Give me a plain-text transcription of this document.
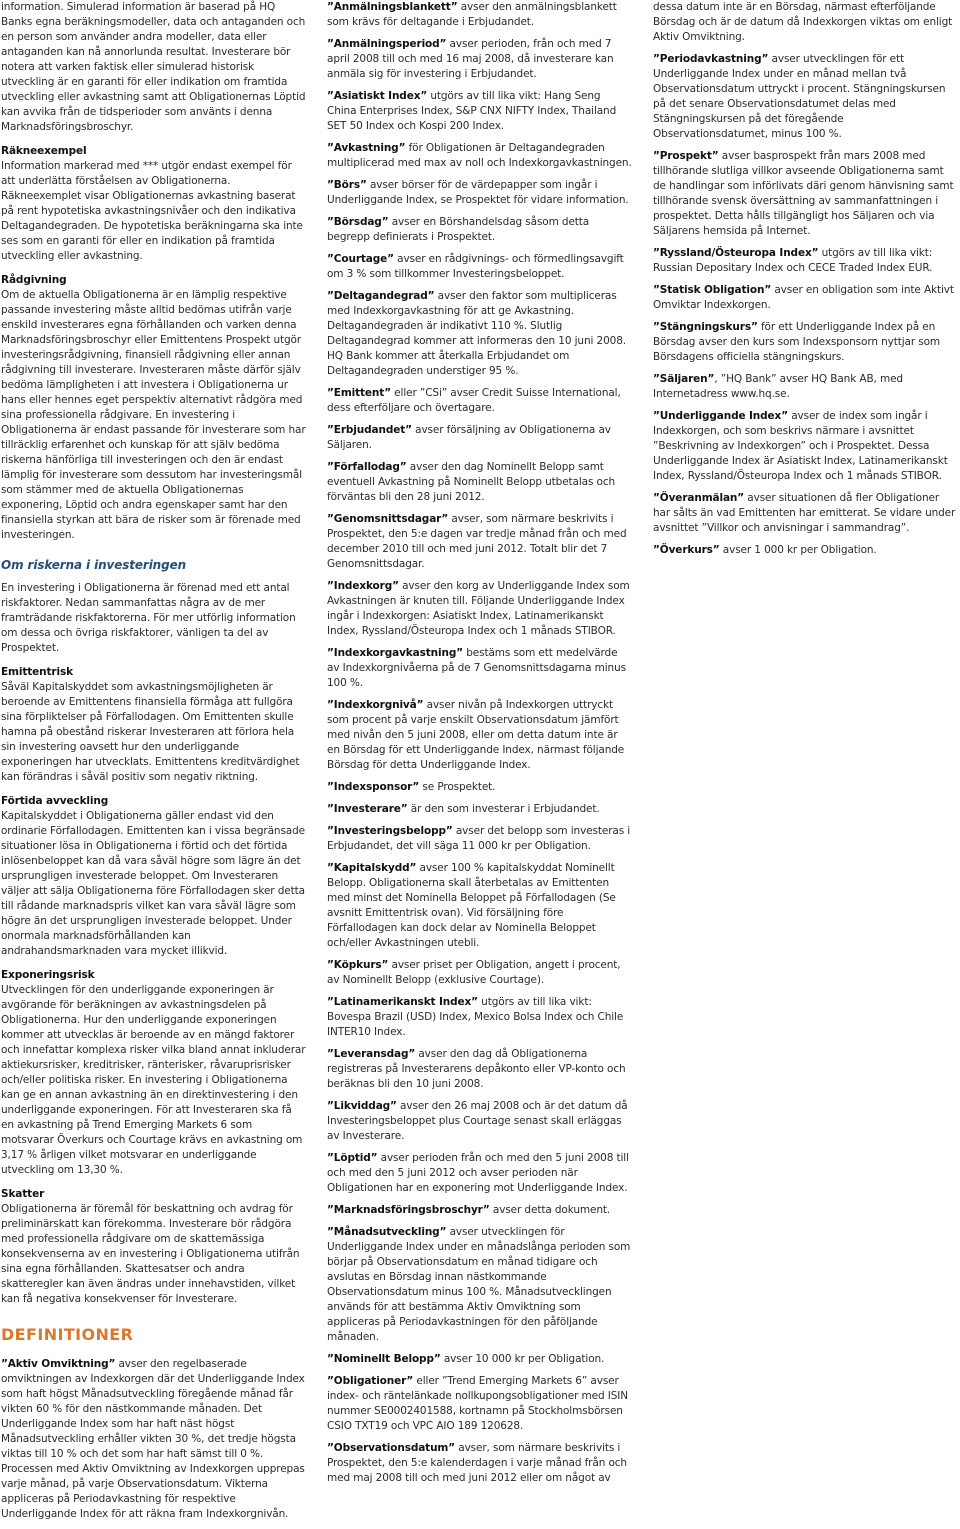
information. Simulerad information är baserad på HQ Banks egna beräkningsmodeller, data och antaganden och en person som använder andra modeller, data eller antaganden kan nå annorlunda resultat. Investerare bör notera att varken faktisk eller simulerad historisk utveckling är en garanti för eller indikation om framtida utveckling eller avkastning samt att Obligationernas Löptid kan avvika från de tidsperioder som använts i denna Marknadsföringsbroschyr.

Räkneexempel

Information markerad med *** utgör endast exempel för att underlätta förståelsen av Obligationerna. Räkneexemplet visar Obligationernas avkastning baserat på rent hypotetiska avkastningsnivåer och den indikativa Deltagandegraden. De hypotetiska beräkningarna ska inte ses som en garanti för eller en indikation på framtida utveckling eller avkastning.

Rådgivning

Om de aktuella Obligationerna är en lämplig respektive passande investering måste alltid bedömas utifrån varje enskild investerares egna förhållanden och varken denna Marknadsföringsbroschyr eller Emittentens Prospekt utgör investeringsrådgivning, finansiell rådgivning eller annan rådgivning till investerare. Investeraren måste därför själv bedöma lämpligheten i att investera i Obligationerna ur hans eller hennes eget perspektiv alternativt rådgöra med sina professionella rådgivare. En investering i Obligationerna är endast passande för investerare som har tillräcklig erfarenhet och kunskap för att själv bedöma riskerna hänförliga till investeringen och den är endast lämplig för investerare som dessutom har investeringsmål som stämmer med de aktuella Obligationernas exponering, Löptid och andra egenskaper samt har den finansiella styrkan att bära de risker som är förenade med investeringen.

Om riskerna i investeringen

En investering i Obligationerna är förenad med ett antal riskfaktorer. Nedan sammanfattas några av de mer framträdande riskfaktorerna. För mer utförlig information om dessa och övriga riskfaktorer, vänligen ta del av Prospektet.

Emittentrisk

Såväl Kapitalskyddet som avkastningsmöjligheten är beroende av Emittentens finansiella förmåga att fullgöra sina förpliktelser på Förfallodagen. Om Emittenten skulle hamna på obestånd riskerar Investeraren att förlora hela sin investering oavsett hur den underliggande exponeringen har utvecklats. Emittentens kreditvärdighet kan förändras i såväl positiv som negativ riktning.

Förtida avveckling

Kapitalskyddet i Obligationerna gäller endast vid den ordinarie Förfallodagen. Emittenten kan i vissa begränsade situationer lösa in Obligationerna i förtid och det förtida inlösenbeloppet kan då vara såväl högre som lägre än det ursprungligen investerade beloppet. Om Investeraren väljer att sälja Obligationerna före Förfallodagen sker detta till rådande marknadspris vilket kan vara såväl lägre som högre än det ursprungligen investerade beloppet. Under onormala marknadsförhållanden kan andrahandsmarknaden vara mycket illikvid.

Exponeringsrisk

Utvecklingen för den underliggande exponeringen är avgörande för beräkningen av avkastningsdelen på Obligationerna. Hur den underliggande exponeringen kommer att utvecklas är beroende av en mängd faktorer och innefattar komplexa risker vilka bland annat inkluderar aktiekursrisker, kreditrisker, ränterisker, råvaruprisrisker och/eller politiska risker. En investering i Obligationerna kan ge en annan avkastning än en direktinvestering i den underliggande exponeringen. För att Investeraren ska få en avkastning på Trend Emerging Markets 6 som motsvarar Överkurs och Courtage krävs en avkastning om 3,17 % årligen vilket motsvarar en underliggande utveckling om 13,30 %.

Skatter

Obligationerna är föremål för beskattning och avdrag för preliminärskatt kan förekomma. Investerare bör rådgöra med professionella rådgivare om de skattemässiga konsekvenserna av en investering i Obligationerna utifrån sina egna förhållanden. Skattesatser och andra skatteregler kan även ändras under innehavstiden, vilket kan få negativa konsekvenser för Investerare.

DEFINITIONER

”Aktiv Omviktning” avser den regelbaserade omviktningen av Indexkorgen där det Underliggande Index som haft högst Månadsutveckling föregående månad får vikten 60 % för den nästkommande månaden. Det Underliggande Index som har haft näst högst Månadsutveckling erhåller vikten 30 %, det tredje högsta viktas till 10 % och det som har haft sämst till 0 %. Processen med Aktiv Omviktning av Indexkorgen upprepas varje månad, på varje Observationsdatum. Vikterna appliceras på Periodavkastning för respektive Underliggande Index för att räkna fram Indexkorgnivån.

”Anmälningsblankett” avser den anmälningsblankett som krävs för deltagande i Erbjudandet.

”Anmälningsperiod” avser perioden, från och med 7 april 2008 till och med 16 maj 2008, då investerare kan anmäla sig för investering i Erbjudandet.

”Asiatiskt Index” utgörs av till lika vikt: Hang Seng China Enterprises Index, S&P CNX NIFTY Index, Thailand SET 50 Index och Kospi 200 Index.

”Avkastning” för Obligationen är Deltagandegraden multiplicerad med max av noll och Indexkorgavkastningen.

”Börs” avser börser för de värdepapper som ingår i Underliggande Index, se Prospektet för vidare information.

”Börsdag” avser en Börshandelsdag såsom detta begrepp definierats i Prospektet.

”Courtage” avser en rådgivnings- och förmedlingsavgift om 3 % som tillkommer Investeringsbeloppet.

”Deltagandegrad” avser den faktor som multipliceras med Indexkorgavkastning för att ge Avkastning. Deltagandegraden är indikativt 110 %. Slutlig Deltagandegrad kommer att informeras den 10 juni 2008. HQ Bank kommer att återkalla Erbjudandet om Deltagandegraden understiger 95 %.

”Emittent” eller ”CSi” avser Credit Suisse International, dess efterföljare och övertagare.

”Erbjudandet” avser försäljning av Obligationerna av Säljaren.

”Förfallodag” avser den dag Nominellt Belopp samt eventuell Avkastning på Nominellt Belopp utbetalas och förväntas bli den 28 juni 2012.

”Genomsnittsdagar” avser, som närmare beskrivits i Prospektet, den 5:e dagen var tredje månad från och med december 2010 till och med juni 2012. Totalt blir det 7 Genomsnittsdagar.

”Indexkorg” avser den korg av Underliggande Index som Avkastningen är knuten till. Följande Underliggande Index ingår i Indexkorgen: Asiatiskt Index, Latinamerikanskt Index, Ryssland/Östeuropa Index och 1 månads STIBOR.

”Indexkorgavkastning” bestäms som ett medelvärde av Indexkorgnivåerna på de 7 Genomsnittsdagarna minus 100 %.

”Indexkorgnivå” avser nivån på Indexkorgen uttryckt som procent på varje enskilt Observationsdatum jämfört med nivån den 5 juni 2008, eller om detta datum inte är en Börsdag för ett Underliggande Index, närmast följande Börsdag för detta Underliggande Index.

”Indexsponsor” se Prospektet.

”Investerare” är den som investerar i Erbjudandet.

”Investeringsbelopp” avser det belopp som investeras i Erbjudandet, det vill säga 11 000 kr per Obligation.

”Kapitalskydd” avser 100 % kapitalskyddat Nominellt Belopp. Obligationerna skall återbetalas av Emittenten med minst det Nominella Beloppet på Förfallodagen (Se avsnitt Emittentrisk ovan). Vid försäljning före Förfallodagen kan dock delar av Nominella Beloppet och/eller Avkastningen utebli.

”Köpkurs” avser priset per Obligation, angett i procent, av Nominellt Belopp (exklusive Courtage).

”Latinamerikanskt Index” utgörs av till lika vikt: Bovespa Brazil (USD) Index, Mexico Bolsa Index och Chile INTER10 Index.

”Leveransdag” avser den dag då Obligationerna registreras på Investerarens depåkonto eller VP-konto och beräknas bli den 10 juni 2008.

”Likviddag” avser den 26 maj 2008 och är det datum då Investeringsbeloppet plus Courtage senast skall erläggas av Investerare.

”Löptid” avser perioden från och med den 5 juni 2008 till och med den 5 juni 2012 och avser perioden när Obligationen har en exponering mot Underliggande Index.

”Marknadsföringsbroschyr” avser detta dokument.

”Månadsutveckling” avser utvecklingen för Underliggande Index under en månadslånga perioden som börjar på Observationsdatum en månad tidigare och avslutas en Börsdag innan nästkommande Observationsdatum minus 100 %. Månadsutvecklingen används för att bestämma Aktiv Omviktning som appliceras på Periodavkastningen för den påföljande månaden.

”Nominellt Belopp” avser 10 000 kr per Obligation.

”Obligationer” eller ”Trend Emerging Markets 6” avser index- och räntelänkade nollkupongsobligationer med ISIN nummer SE0002401588, kortnamn på Stockholmsbörsen CSIO TXT19 och VPC AIO 189 120628.

”Observationsdatum” avser, som närmare beskrivits i Prospektet, den 5:e kalenderdagen i varje månad från och med maj 2008 till och med juni 2012 eller om något av

dessa datum inte är en Börsdag, närmast efterföljande Börsdag och är de datum då Indexkorgen viktas om enligt Aktiv Omviktning.

”Periodavkastning” avser utvecklingen för ett Underliggande Index under en månad mellan två Observationsdatum uttryckt i procent. Stängningskursen på det senare Observationsdatumet delas med Stängningskursen på det föregående Observationsdatumet, minus 100 %.

”Prospekt” avser basprospekt från mars 2008 med tillhörande slutliga villkor avseende Obligationerna samt de handlingar som införlivats däri genom hänvisning samt tillhörande svensk översättning av sammanfattningen i prospektet. Detta hålls tillgängligt hos Säljaren och via Säljarens hemsida på Internet.

”Ryssland/Östeuropa Index” utgörs av till lika vikt: Russian Depositary Index och CECE Traded Index EUR.

”Statisk Obligation” avser en obligation som inte Aktivt Omviktar Indexkorgen.

”Stängningskurs” för ett Underliggande Index på en Börsdag avser den kurs som Indexsponsorn nyttjar som Börsdagens officiella stängningskurs.

”Säljaren”, ”HQ Bank” avser HQ Bank AB, med Internetadress www.hq.se.

”Underliggande Index” avser de index som ingår i Indexkorgen, och som beskrivs närmare i avsnittet ”Beskrivning av Indexkorgen” och i Prospektet. Dessa Underliggande Index är Asiatiskt Index, Latinamerikanskt Index, Ryssland/Östeuropa Index och 1 månads STIBOR.

”Överanmälan” avser situationen då fler Obligationer har sålts än vad Emittenten har emitterat. Se vidare under avsnittet ”Villkor och anvisningar i sammandrag”.

”Överkurs” avser 1 000 kr per Obligation.
